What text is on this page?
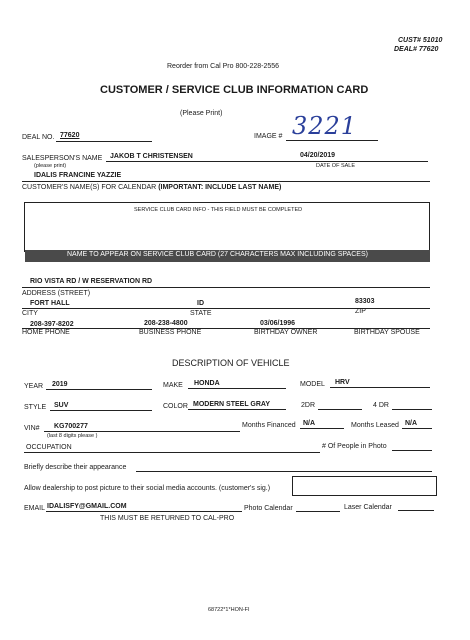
CUST# 51010
DEAL# 77620
Reorder from Cal Pro 800-228-2556
CUSTOMER / SERVICE CLUB INFORMATION CARD
(Please Print)
DEAL NO. 77620	IMAGE # 3221
SALESPERSON'S NAME JAKOB T CHRISTENSEN	04/20/2019
(please print)	DATE OF SALE
IDALIS FRANCINE YAZZIE
CUSTOMER'S NAME(S) FOR CALENDAR (IMPORTANT: INCLUDE LAST NAME)
SERVICE CLUB CARD INFO - THIS FIELD MUST BE COMPLETED
NAME TO APPEAR ON SERVICE CLUB CARD (27 CHARACTERS MAX INCLUDING SPACES)
RIO VISTA RD / W RESERVATION RD
ADDRESS (STREET)
FORT HALL	ID	83303
CITY	STATE	ZIP
208-397-8202	208-238-4800	03/06/1996
HOME PHONE	BUSINESS PHONE	BIRTHDAY OWNER	BIRTHDAY SPOUSE
DESCRIPTION OF VEHICLE
YEAR 2019	MAKE HONDA	MODEL HRV
STYLE SUV	COLOR MODERN STEEL GRAY	2DR	4 DR
VIN# KG700277
(last 8 digits please )
Months Financed N/A	Months Leased N/A
OCCUPATION	# Of People in Photo
Briefly describe their appearance
Allow dealership to post picture to their social media accounts. (customer's sig.)
EMAIL IDALISFY@GMAIL.COM	Photo Calendar	Laser Calendar
THIS MUST BE RETURNED TO CAL-PRO
68722*1*HON-FI
